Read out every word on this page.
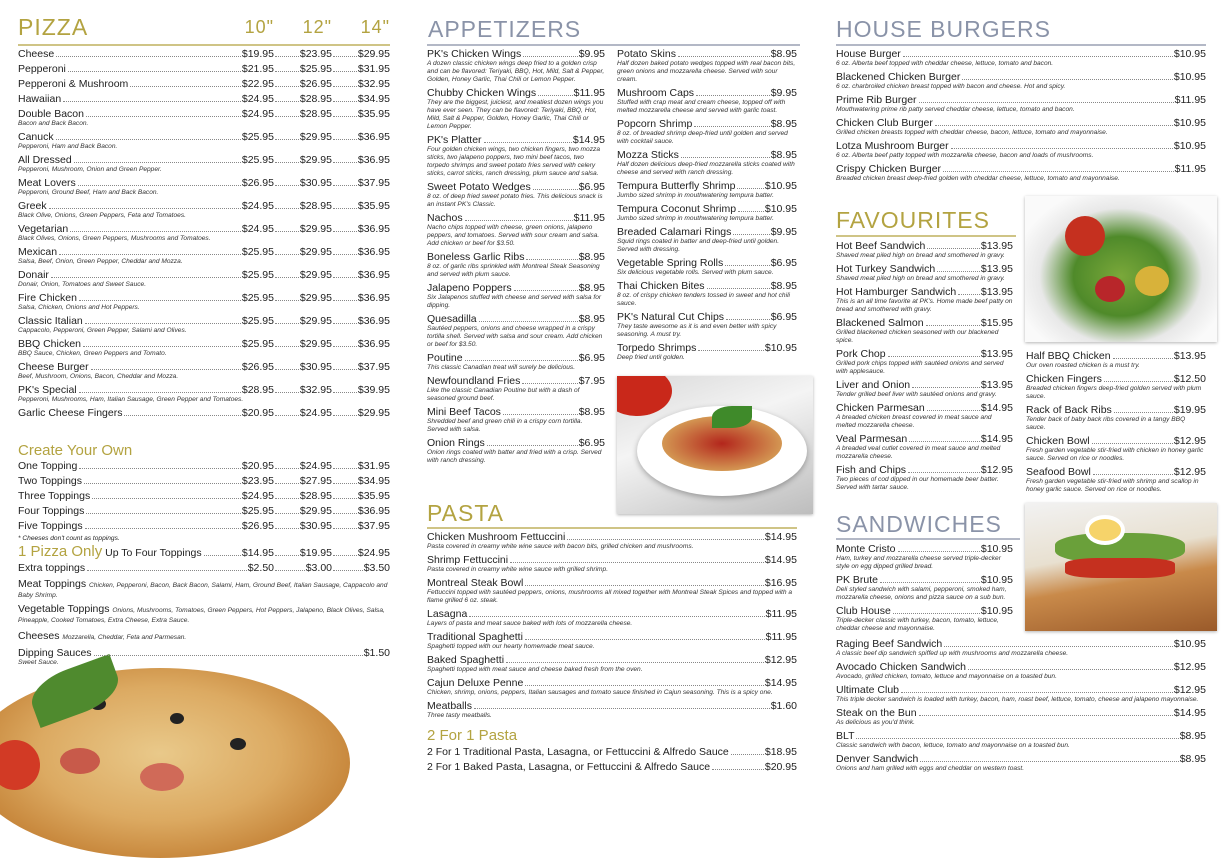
PIZZA	10"	12"	14"
Cheese	$19.95 $23.95 $29.95
Pepperoni	$21.95 $25.95 $31.95
Pepperoni & Mushroom	$22.95 $26.95 $32.95
Hawaiian	$24.95 $28.95 $34.95
Double Bacon	$24.95 $28.95 $35.95
Bacon and Back Bacon.
Canuck	$25.95 $29.95 $36.95
Pepperoni, Ham and Back Bacon.
All Dressed	$25.95 $29.95 $36.95
Pepperoni, Mushroom, Onion and Green Pepper.
Meat Lovers	$26.95 $30.95 $37.95
Pepperoni, Ground Beef, Ham and Back Bacon.
Greek	$24.95 $28.95 $35.95
Black Olive, Onions, Green Peppers, Feta and Tomatoes.
Vegetarian	$24.95 $29.95 $36.95
Black Olives, Onions, Green Peppers, Mushrooms and Tomatoes.
Mexican	$25.95 $29.95 $36.95
Salsa, Beef, Onion, Green Pepper, Cheddar and Mozza.
Donair	$25.95 $29.95 $36.95
Donair, Onion, Tomatoes and Sweet Sauce.
Fire Chicken	$25.95 $29.95 $36.95
Salsa, Chicken, Onions and Hot Peppers.
Classic Italian	$25.95 $29.95 $36.95
Cappacolo, Pepperoni, Green Pepper, Salami and Olives.
BBQ Chicken	$25.95 $29.95 $36.95
BBQ Sauce, Chicken, Green Peppers and Tomato.
Cheese Burger	$26.95 $30.95 $37.95
Beef, Mushroom, Onions, Bacon, Cheddar and Mozza.
PK's Special	$28.95 $32.95 $39.95
Pepperoni, Mushrooms, Ham, Italian Sausage, Green Pepper and Tomatoes.
Garlic Cheese Fingers	$20.95 $24.95 $29.95
Create Your Own
One Topping	$20.95 $24.95 $31.95
Two Toppings	$23.95 $27.95 $34.95
Three Toppings	$24.95 $28.95 $35.95
Four Toppings	$25.95 $29.95 $36.95
Five Toppings	$26.95 $30.95 $37.95
* Cheeses don't count as toppings.
1 Pizza Only
Up To Four Toppings	$14.95 $19.95 $24.95
Extra toppings	$2.50	$3.00	$3.50
Meat Toppings Chicken, Pepperoni, Bacon, Back Bacon, Salami, Ham, Ground Beef, Italian Sausage, Cappacolo and Baby Shrimp.
Vegetable Toppings Onions, Mushrooms, Tomatoes, Green Peppers, Hot Peppers, Jalapeno, Black Olives, Salsa, Pineapple, Cooked Tomatoes, Extra Cheese, Extra Sauce.
Cheeses Mozzarella, Cheddar, Feta and Parmesan.
Dipping Sauces	$1.50
Sweet Sauce.
APPETIZERS
PK's Chicken Wings	$9.95
A dozen classic chicken wings deep fried to a golden crisp and can be flavored: Teriyaki, BBQ, Hot, Mild, Salt & Pepper, Golden, Honey Garlic, Thai Chili or Lemon Pepper.
Chubby Chicken Wings	$11.95
They are the biggest, juiciest, and meatiest dozen wings you have ever seen. They can be flavored: Teriyaki, BBQ, Hot, Mild, Salt & Pepper, Golden, Honey Garlic, Thai Chili or Lemon Pepper.
PK's Platter	$14.95
Four golden chicken wings, two chicken fingers, two mozza sticks, two jalapeno poppers, two mini beef tacos, two torpedo shrimps and sweet potato fries served with celery sticks, carrot sticks, ranch dressing, plum sauce and salsa.
Sweet Potato Wedges	$6.95
8 oz. of deep fried sweet potato fries. This delicious snack is an instant PK's Classic.
Nachos	$11.95
Nacho chips topped with cheese, green onions, jalapeno peppers, and tomatoes. Served with sour cream and salsa. Add chicken or beef for $3.50.
Boneless Garlic Ribs	$8.95
8 oz. of garlic ribs sprinkled with Montreal Steak Seasoning and served with plum sauce.
Jalapeno Poppers	$8.95
Six Jalapenos stuffed with cheese and served with salsa for dipping.
Quesadilla	$8.95
Sautéed peppers, onions and cheese wrapped in a crispy tortilla shell. Served with salsa and sour cream. Add chicken or beef for $3.50.
Poutine	$6.95
This classic Canadian treat will surely be delicious.
Newfoundland Fries	$7.95
Like the classic Canadian Poutine but with a dash of seasoned ground beef.
Mini Beef Tacos	$8.95
Shredded beef and green chili in a crispy corn tortilla. Served with salsa.
Onion Rings	$6.95
Onion rings coated with batter and fried with a crisp. Served with ranch dressing.
Potato Skins	$8.95
Half dozen baked potato wedges topped with real bacon bits, green onions and mozzarella cheese. Served with sour cream.
Mushroom Caps	$9.95
Stuffed with crap meat and cream cheese, topped off with melted mozzarella cheese and served with garlic toast.
Popcorn Shrimp	$8.95
8 oz. of breaded shrimp deep-fried until golden and served with cocktail sauce.
Mozza Sticks	$8.95
Half dozen delicious deep-fried mozzarella sticks coated with cheese and served with ranch dressing.
Tempura Butterfly Shrimp	$10.95
Jumbo sized shrimp in mouthwatering tempura batter.
Tempura Coconut Shrimp	$10.95
Jumbo sized shrimp in mouthwatering tempura batter.
Breaded Calamari Rings	$9.95
Squid rings coated in batter and deep-fried until golden. Served with dressing.
Vegetable Spring Rolls	$6.95
Six delicious vegetable rolls. Served with plum sauce.
Thai Chicken Bites	$8.95
8 oz. of crispy chicken tenders tossed in sweet and hot chili sauce.
PK's Natural Cut Chips	$6.95
They taste awesome as it is and even better with spicy seasoning. A must try.
Torpedo Shrimps	$10.95
Deep fried until golden.
PASTA
Chicken Mushroom Fettuccini	$14.95
Pasta covered in creamy white wine sauce with bacon bits, grilled chicken and mushrooms.
Shrimp Fettuccini	$14.95
Pasta covered in creamy white wine sauce with grilled shrimp.
Montreal Steak Bowl	$16.95
Fettuccini topped with sautéed peppers, onions, mushrooms all mixed together with Montreal Steak Spices and topped with a flame grilled 6 oz. steak.
Lasagna	$11.95
Layers of pasta and meat sauce baked with lots of mozzarella cheese.
Traditional Spaghetti	$11.95
Spaghetti topped with our hearty homemade meat sauce.
Baked Spaghetti	$12.95
Spaghetti topped with meat sauce and cheese baked fresh from the oven.
Cajun Deluxe Penne	$14.95
Chicken, shrimp, onions, peppers, Italian sausages and tomato sauce finished in Cajun seasoning. This is a spicy one.
Meatballs	$1.60
Three tasty meatballs.
2 For 1 Pasta
2 For 1 Traditional Pasta, Lasagna, or Fettuccini & Alfredo Sauce	$18.95
2 For 1 Baked Pasta, Lasagna, or Fettuccini & Alfredo Sauce	$20.95
HOUSE BURGERS
House Burger	$10.95
6 oz. Alberta beef topped with cheddar cheese, lettuce, tomato and bacon.
Blackened Chicken Burger	$10.95
6 oz. charbroiled chicken breast topped with bacon and cheese. Hot and spicy.
Prime Rib Burger	$11.95
Mouthwatering prime rib patty served cheddar cheese, lettuce, tomato and bacon.
Chicken Club Burger	$10.95
Grilled chicken breasts topped with cheddar cheese, bacon, lettuce, tomato and mayonnaise.
Lotza Mushroom Burger	$10.95
6 oz. Alberta beef patty topped with mozzarella cheese, bacon and loads of mushrooms.
Crispy Chicken Burger	$11.95
Breaded chicken breast deep-fried golden with cheddar cheese, lettuce, tomato and mayonnaise.
FAVOURITES
Hot Beef Sandwich	$13.95
Shaved meat piled high on bread and smothered in gravy.
Hot Turkey Sandwich	$13.95
Shaved meat piled high on bread and smothered in gravy.
Hot Hamburger Sandwich $13.95
This is an all time favorite at PK's. Home made beef patty on bread and smothered with gravy.
Blackened Salmon	$15.95
Grilled blackened chicken seasoned with our blackened spice.
Pork Chop	$13.95
Grilled pork chips topped with sautéed onions and served with applesauce.
Liver and Onion	$13.95
Tender grilled beef liver with sautéed onions and gravy.
Chicken Parmesan	$14.95
A breaded chicken breast covered in meat sauce and melted mozzarella cheese.
Veal Parmesan	$14.95
A breaded veal cutlet covered in meat sauce and melted mozzarella cheese.
Fish and Chips	$12.95
Two pieces of cod dipped in our homemade beer batter. Served with tartar sauce.
Half BBQ Chicken	$13.95
Our oven roasted chicken is a must try.
Chicken Fingers	$12.50
Breaded chicken fingers deep-fried golden served with plum sauce.
Rack of Back Ribs	$19.95
Tender back of baby back ribs covered in a tangy BBQ sauce.
Chicken Bowl	$12.95
Fresh garden vegetable stir-fried with chicken in honey garlic sauce. Served on rice or noodles.
Seafood Bowl	$12.95
Fresh garden vegetable stir-fried with shrimp and scallop in honey garlic sauce. Served on rice or noodles.
SANDWICHES
Monte Cristo	$10.95
Ham, turkey and mozzarella cheese served triple-decker style on egg dipped grilled bread.
PK Brute	$10.95
Deli styled sandwich with salami, pepperoni, smoked ham, mozzarella cheese, onions and pizza sauce on a sub bun.
Club House	$10.95
Triple-decker classic with turkey, bacon, tomato, lettuce, cheddar cheese and mayonnaise.
Raging Beef Sandwich	$10.95
A classic beef dip sandwich spiffed up with mushrooms and mozzarella cheese.
Avocado Chicken Sandwich	$12.95
Avocado, grilled chicken, tomato, lettuce and mayonnaise on a toasted bun.
Ultimate Club	$12.95
This triple decker sandwich is loaded with turkey, bacon, ham, roast beef, lettuce, tomato, cheese and jalapeno mayonnaise.
Steak on the Bun	$14.95
As delicious as you'd think.
BLT	$8.95
Classic sandwich with bacon, lettuce, tomato and mayonnaise on a toasted bun.
Denver Sandwich	$8.95
Onions and ham grilled with eggs and cheddar on western toast.
